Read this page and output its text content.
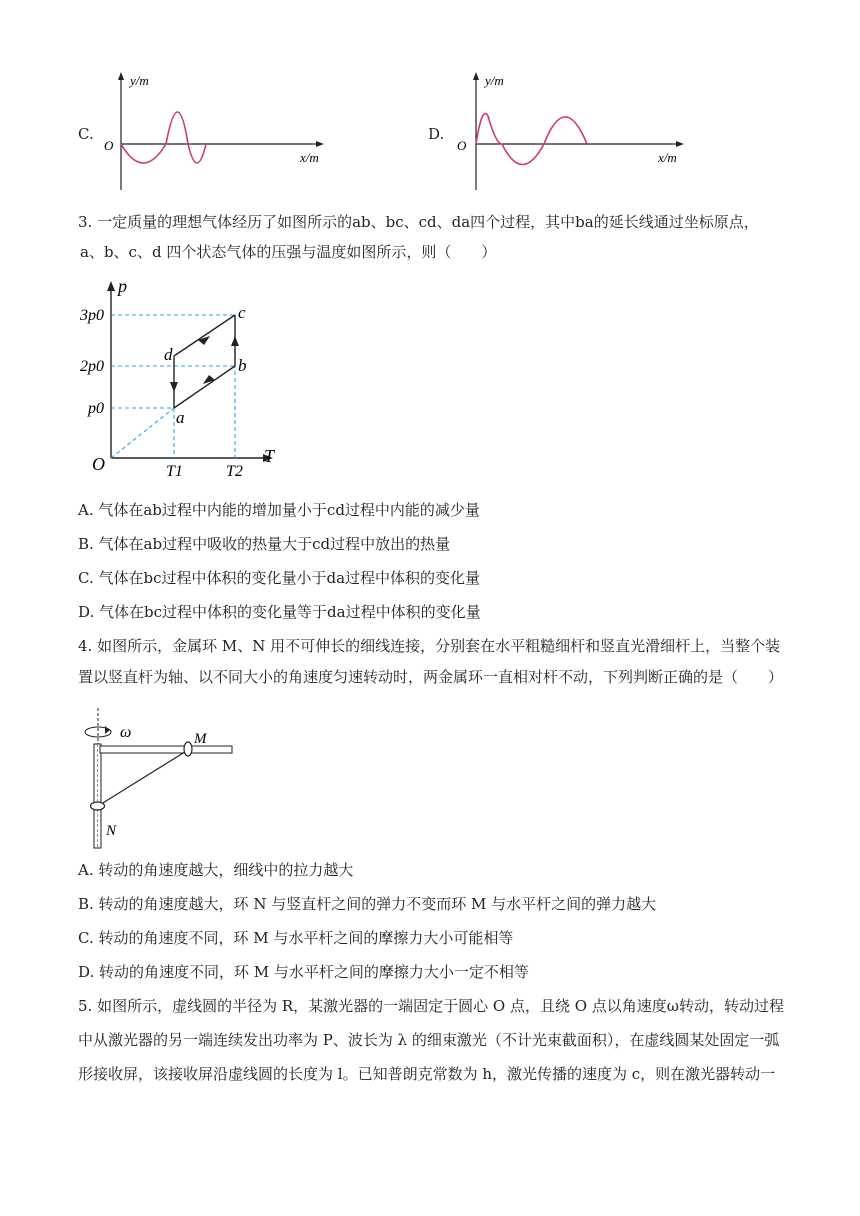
C.
y/m
x/m
O
D.
y/m
x/m
O
3. 一定质量的理想气体经历了如图所示的ab、bc、cd、da四个过程，其中ba的延长线通过坐标原点，
a、b、c、d 四个状态气体的压强与温度如图所示，则（　　）
p
T
O
3p0
2p0
p0
T1	T2
a
b
c
d
A. 气体在ab过程中内能的增加量小于cd过程中内能的减少量
B. 气体在ab过程中吸收的热量大于cd过程中放出的热量
C. 气体在bc过程中体积的变化量小于da过程中体积的变化量
D. 气体在bc过程中体积的变化量等于da过程中体积的变化量
4. 如图所示，金属环 M、N 用不可伸长的细线连接，分别套在水平粗糙细杆和竖直光滑细杆上，当整个装
置以竖直杆为轴、以不同大小的角速度匀速转动时，两金属环一直相对杆不动，下列判断正确的是（　　）
ω	M
N
A. 转动的角速度越大，细线中的拉力越大
B. 转动的角速度越大，环 N 与竖直杆之间的弹力不变而环 M 与水平杆之间的弹力越大
C. 转动的角速度不同，环 M 与水平杆之间的摩擦力大小可能相等
D. 转动的角速度不同，环 M 与水平杆之间的摩擦力大小一定不相等
5. 如图所示，虚线圆的半径为 R，某激光器的一端固定于圆心 O 点，且绕 O 点以角速度ω转动，转动过程
中从激光器的另一端连续发出功率为 P、波长为 λ 的细束激光（不计光束截面积），在虚线圆某处固定一弧
形接收屏，该接收屏沿虚线圆的长度为 l。已知普朗克常数为 h，激光传播的速度为 c，则在激光器转动一
